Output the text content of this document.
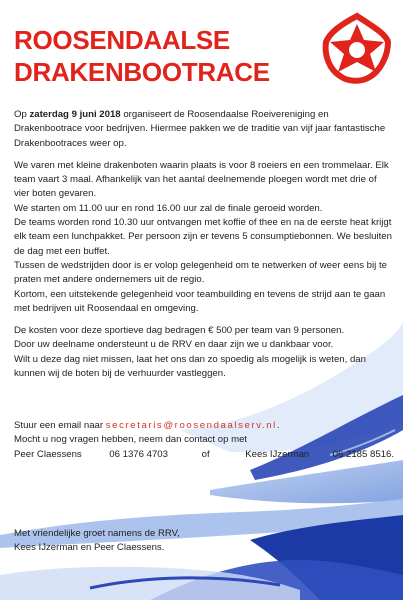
ROOSENDAALSE
DRAKENBOOTRACE

Op zaterdag 9 juni 2018 organiseert de Roosendaalse Roeivereniging en Drakenbootrace voor bedrijven. Hiermee pakken we de traditie van vijf jaar fantastische Drakenbootraces weer op.

We varen met kleine drakenboten waarin plaats is voor 8 roeiers en een trommelaar. Elk team vaart 3 maal. Afhankelijk van het aantal deelnemende ploegen wordt met drie of vier boten gevaren.

We starten om 11.00 uur en rond 16.00 uur zal de finale geroeid worden.

De teams worden rond 10.30 uur ontvangen met koffie of thee en na de eerste heat krijgt elk team een lunchpakket. Per persoon zijn er tevens 5 consumptiebonnen. We besluiten de dag met een buffet.

Tussen de wedstrijden door is er volop gelegenheid om te netwerken of weer eens bij te praten met andere ondernemers uit de regio.

Kortom, een uitstekende gelegenheid voor teambuilding en tevens de strijd aan te gaan met bedrijven uit Roosendaal en omgeving.

De kosten voor deze sportieve dag bedragen € 500 per team van 9 personen.

Door uw deelname ondersteunt u de RRV en daar zijn we u dankbaar voor.

Wilt u deze dag niet missen, laat het ons dan zo spoedig als mogelijk is weten, dan kunnen wij de boten bij de verhuurder vastleggen.

Stuur een email naar secretaris@roosendaalserv.nl.
Mocht u nog vragen hebben, neem dan contact op met
Peer Claessens	06 1376 4703	of	Kees IJzerman	06 2185 8516.
Met vriendelijke groet namens de RRV,
Kees IJzerman en Peer Claessens.
